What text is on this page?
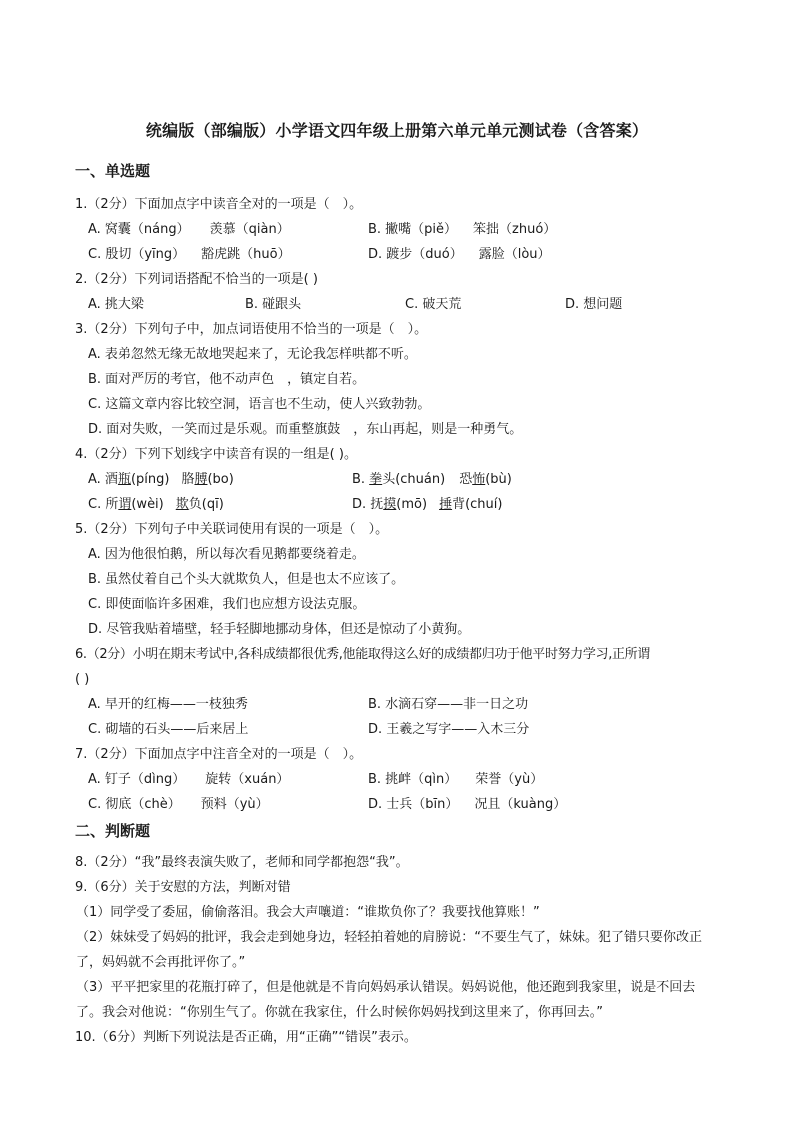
统编版（部编版）小学语文四年级上册第六单元单元测试卷（含答案）
一、单选题
1.（2分）下面加点字中读音全对的一项是（　）。
A. 窝囊（náng） 羡慕（qiàn）	B. 撇嘴（piě） 笨拙（zhuó）
C. 殷切（yīng） 豁虎跳（huō）	D. 踱步（duó） 露脸（lòu）
2.（2分）下列词语搭配不恰当的一项是( )
A. 挑大梁	B. 碰跟头	C. 破天荒	D. 想问题
3.（2分）下列句子中，加点词语使用不恰当的一项是（　）。
A. 表弟忽然无缘无故地哭起来了，无论我怎样哄都不听。
B. 面对严厉的考官，他不动声色　，镇定自若。
C. 这篇文章内容比较空洞，语言也不生动，使人兴致勃勃。
D. 面对失败，一笑而过是乐观。而重整旗鼓　，东山再起，则是一种勇气。
4.（2分）下列下划线字中读音有误的一组是( )。
A. 酒瓶(píng) 胳膊(bo)	B. 拳头(chuán) 恐怖(bù)
C. 所谓(wèi) 欺负(qī)	D. 抚摸(mō) 捶背(chuí)
5.（2分）下列句子中关联词使用有误的一项是（　）。
A. 因为他很怕鹅，所以每次看见鹅都要绕着走。
B. 虽然仗着自己个头大就欺负人，但是也太不应该了。
C. 即使面临许多困难，我们也应想方设法克服。
D. 尽管我贴着墙壁，轻手轻脚地挪动身体，但还是惊动了小黄狗。
6.（2分）小明在期末考试中,各科成绩都很优秀,他能取得这么好的成绩都归功于他平时努力学习,正所谓
( )
A. 早开的红梅——一枝独秀	B. 水滴石穿——非一日之功
C. 砌墙的石头——后来居上	D. 王羲之写字——入木三分
7.（2分）下面加点字中注音全对的一项是（　）。
A. 钉子（dìng） 旋转（xuán）	B. 挑衅（qìn） 荣誉（yù）
C. 彻底（chè） 预料（yù）	D. 士兵（bīn） 况且（kuàng）
二、判断题
8.（2分）“我”最终表演失败了，老师和同学都抱怨“我”。
9.（6分）关于安慰的方法，判断对错
（1）同学受了委屈，偷偷落泪。我会大声嚷道：“谁欺负你了？我要找他算账！”
（2）妹妹受了妈妈的批评，我会走到她身边，轻轻拍着她的肩膀说：“不要生气了，妹妹。犯了错只要你改正了，妈妈就不会再批评你了。”
（3）平平把家里的花瓶打碎了，但是他就是不肯向妈妈承认错误。妈妈说他，他还跑到我家里，说是不回去了。我会对他说：“你别生气了。你就在我家住，什么时候你妈妈找到这里来了，你再回去。”
10.（6分）判断下列说法是否正确，用“正确”“错误”表示。
